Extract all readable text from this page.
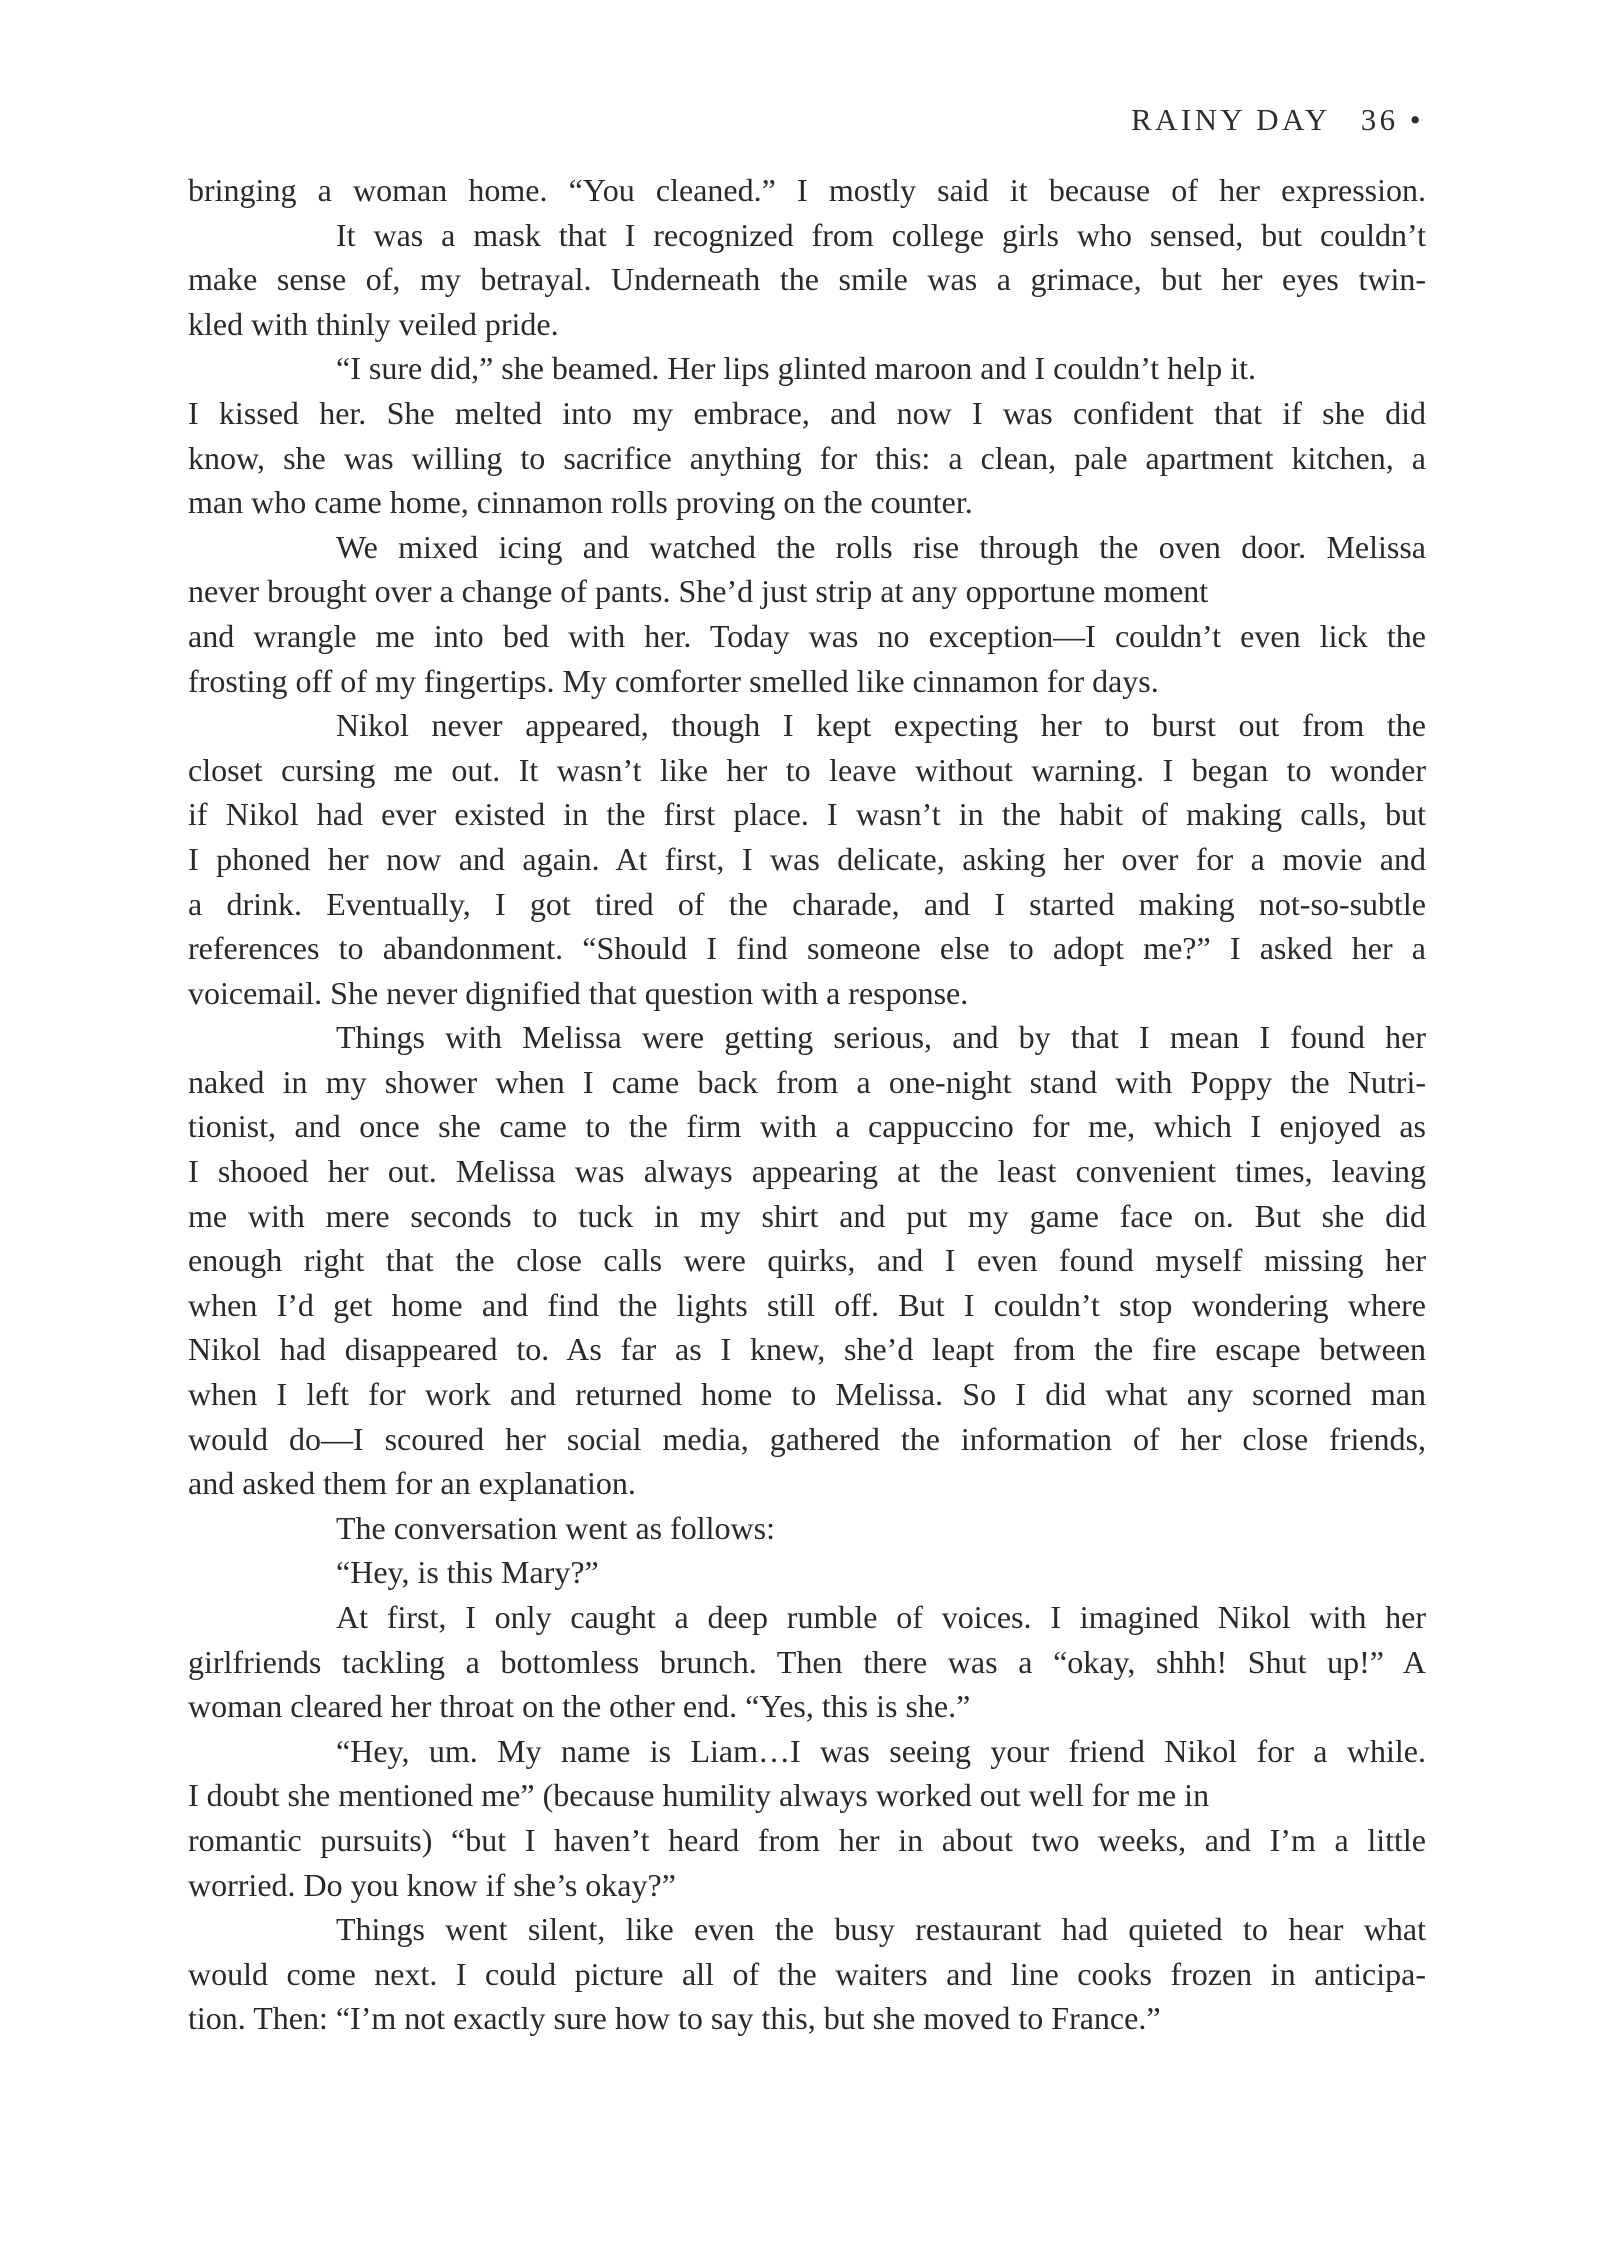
RAINY DAY 36 •
bringing a woman home. “You cleaned.” I mostly said it because of her expression.
It was a mask that I recognized from college girls who sensed, but couldn’t
make sense of, my betrayal. Underneath the smile was a grimace, but her eyes twin-
kled with thinly veiled pride.
“I sure did,” she beamed. Her lips glinted maroon and I couldn’t help it.
I kissed her. She melted into my embrace, and now I was confident that if she did
know, she was willing to sacrifice anything for this: a clean, pale apartment kitchen, a
man who came home, cinnamon rolls proving on the counter.
We mixed icing and watched the rolls rise through the oven door. Melissa
never brought over a change of pants. She’d just strip at any opportune moment
and wrangle me into bed with her. Today was no exception—I couldn’t even lick the
frosting off of my fingertips. My comforter smelled like cinnamon for days.
Nikol never appeared, though I kept expecting her to burst out from the
closet cursing me out. It wasn’t like her to leave without warning. I began to wonder
if Nikol had ever existed in the first place. I wasn’t in the habit of making calls, but
I phoned her now and again. At first, I was delicate, asking her over for a movie and
a drink. Eventually, I got tired of the charade, and I started making not-so-subtle
references to abandonment. “Should I find someone else to adopt me?” I asked her a
voicemail. She never dignified that question with a response.
Things with Melissa were getting serious, and by that I mean I found her
naked in my shower when I came back from a one-night stand with Poppy the Nutri-
tionist, and once she came to the firm with a cappuccino for me, which I enjoyed as
I shooed her out. Melissa was always appearing at the least convenient times, leaving
me with mere seconds to tuck in my shirt and put my game face on. But she did
enough right that the close calls were quirks, and I even found myself missing her
when I’d get home and find the lights still off. But I couldn’t stop wondering where
Nikol had disappeared to. As far as I knew, she’d leapt from the fire escape between
when I left for work and returned home to Melissa. So I did what any scorned man
would do—I scoured her social media, gathered the information of her close friends,
and asked them for an explanation.
The conversation went as follows:
“Hey, is this Mary?”
At first, I only caught a deep rumble of voices. I imagined Nikol with her
girlfriends tackling a bottomless brunch. Then there was a “okay, shhh! Shut up!” A
woman cleared her throat on the other end. “Yes, this is she.”
“Hey, um. My name is Liam…I was seeing your friend Nikol for a while.
I doubt she mentioned me” (because humility always worked out well for me in
romantic pursuits) “but I haven’t heard from her in about two weeks, and I’m a little
worried. Do you know if she’s okay?”
Things went silent, like even the busy restaurant had quieted to hear what
would come next. I could picture all of the waiters and line cooks frozen in anticipa-
tion. Then: “I’m not exactly sure how to say this, but she moved to France.”
